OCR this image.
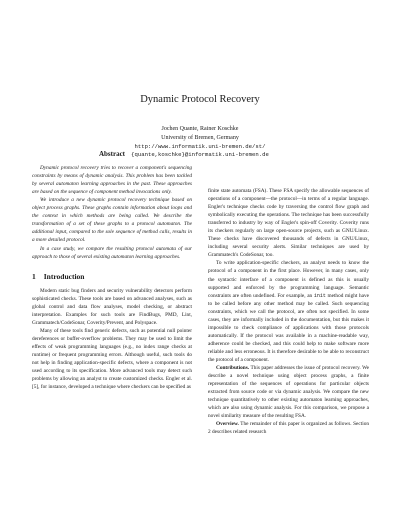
Dynamic Protocol Recovery
Jochen Quante, Rainer Koschke
University of Bremen, Germany
http://www.informatik.uni-bremen.de/st/
{quante,koschke}@informatik.uni-bremen.de
Abstract

Dynamic protocol recovery tries to recover a component's sequencing constraints by means of dynamic analysis. This problem has been tackled by several automaton learning approaches in the past. These approaches are based on the sequence of component method invocations only.

We introduce a new dynamic protocol recovery technique based on object process graphs. These graphs contain information about loops and the context in which methods are being called. We describe the transformation of a set of these graphs to a protocol automaton. The additional input, compared to the sole sequence of method calls, results in a more detailed protocol.

In a case study, we compare the resulting protocol automata of our approach to those of several existing automaton learning approaches.

1 Introduction

Modern static bug finders and security vulnerability detectors perform sophisticated checks. These tools are based on advanced analyses, such as global control and data flow analyses, model checking, or abstract interpretation. Examples for such tools are FindBugs, PMD, Lint, Grammatech/CodeSonar, Coverity/Prevent, and Polyspace.

Many of these tools find generic defects, such as potential null pointer dereferences or buffer-overflow problems. They may be used to limit the effects of weak programming languages (e.g., no index range checks at runtime) or frequent programming errors. Although useful, such tools do not help in finding application-specific defects, where a component is not used according to its specification. More advanced tools may detect such problems by allowing an analyst to create customized checks. Engler et al. [5], for instance, developed a technique where checkers can be specified as

finite state automata (FSA). These FSA specify the allowable sequences of operations of a component—the protocol—in terms of a regular language. Engler's technique checks code by traversing the control flow graph and symbolically executing the operations. The technique has been successfully transferred to industry by way of Engler's spin-off Coverity. Coverity runs its checkers regularly on large open-source projects, such as GNU/Linux. These checks have discovered thousands of defects in GNU/Linux, including several security alerts. Similar techniques are used by Grammatech's CodeSonar, too.

To write application-specific checkers, an analyst needs to know the protocol of a component in the first place. However, in many cases, only the syntactic interface of a component is defined as this is usually supported and enforced by the programming language. Semantic constraints are often undefined. For example, an init method might have to be called before any other method may be called. Such sequencing constraints, which we call the protocol, are often not specified. In some cases, they are informally included in the documentation, but this makes it impossible to check compliance of applications with those protocols automatically. If the protocol was available in a machine-readable way, adherence could be checked, and this could help to make software more reliable and less erroneous. It is therefore desirable to be able to reconstruct the protocol of a component.

Contributions. This paper addresses the issue of protocol recovery. We describe a novel technique using object process graphs, a finite representation of the sequences of operations for particular objects extracted from source code or via dynamic analysis. We compare the new technique quantitatively to other existing automaton learning approaches, which are also using dynamic analysis. For this comparison, we propose a novel similarity measure of the resulting FSA.

Overview. The remainder of this paper is organized as follows. Section 2 describes related research
